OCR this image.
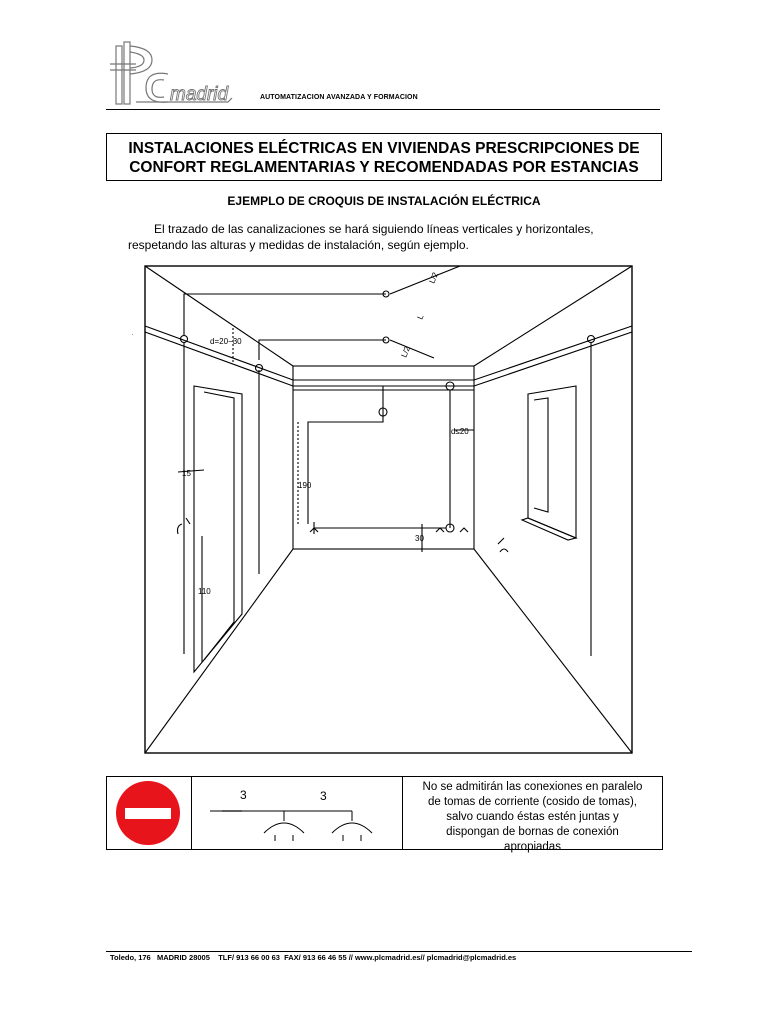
madrid	AUTOMATIZACION AVANZADA Y FORMACION
INSTALACIONES ELÉCTRICAS EN VIVIENDAS PRESCRIPCIONES DE
CONFORT REGLAMENTARIAS Y RECOMENDADAS POR ESTANCIAS
EJEMPLO DE CROQUIS DE INSTALACIÓN ELÉCTRICA
El trazado de las canalizaciones se hará siguiendo líneas verticales y horizontales,
respetando las alturas y medidas de instalación, según ejemplo.
·
d=20−30
L/2
L
L/2
d≤20
190
15
30
110
3	3
No se admitirán las conexiones en paralelo
de tomas de corriente (cosido de tomas),
salvo cuando éstas estén juntas y
dispongan de bornas de conexión
apropiadas
Toledo, 176   MADRID 28005    TLF/ 913 66 00 63  FAX/ 913 66 46 55 // www.plcmadrid.es// plcmadrid@plcmadrid.es
